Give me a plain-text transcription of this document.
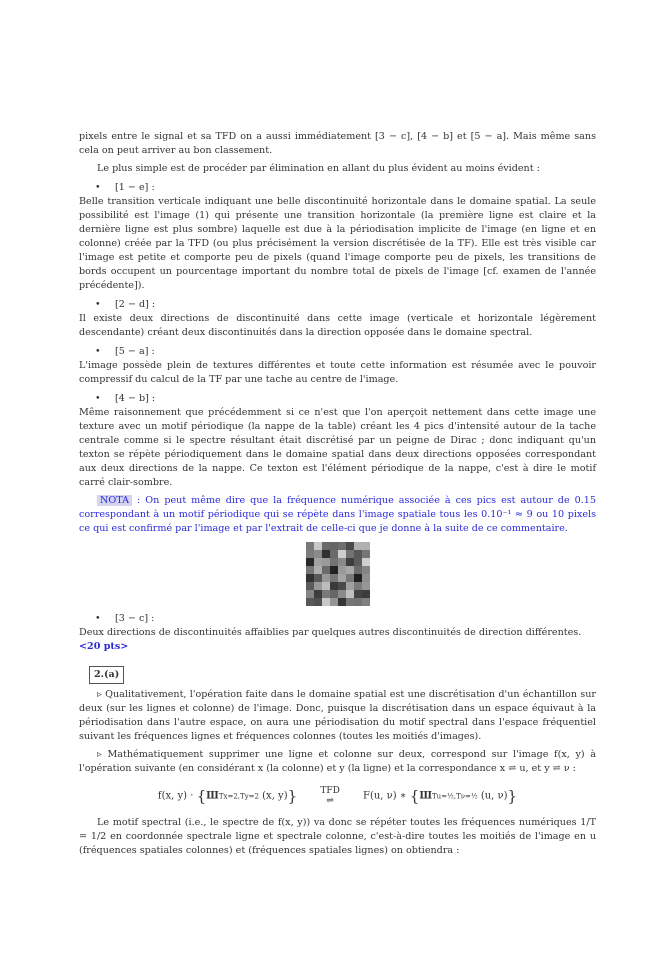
pixels entre le signal et sa TFD on a aussi immédiatement [3 − c], [4 − b] et [5 − a]. Mais même sans cela on peut arriver au bon classement.

Le plus simple est de procéder par élimination en allant du plus évident au moins évident :

• [1 − e] :

Belle transition verticale indiquant une belle discontinuité horizontale dans le domaine spatial. La seule possibilité est l'image (1) qui présente une transition horizontale (la première ligne est claire et la dernière ligne est plus sombre) laquelle est due à la périodisation implicite de l'image (en ligne et en colonne) créée par la TFD (ou plus précisément la version discrétisée de la TF). Elle est très visible car l'image est petite et comporte peu de pixels (quand l'image comporte peu de pixels, les transitions de bords occupent un pourcentage important du nombre total de pixels de l'image [cf. examen de l'année précédente]).

• [2 − d] :

Il existe deux directions de discontinuité dans cette image (verticale et horizontale légèrement descendante) créant deux discontinuités dans la direction opposée dans le domaine spectral.

• [5 − a] :

L'image possède plein de textures différentes et toute cette information est résumée avec le pouvoir compressif du calcul de la TF par une tache au centre de l'image.

• [4 − b] :

Même raisonnement que précédemment si ce n'est que l'on aperçoit nettement dans cette image une texture avec un motif périodique (la nappe de la table) créant les 4 pics d'intensité autour de la tache centrale comme si le spectre résultant était discrétisé par un peigne de Dirac ; donc indiquant qu'un texton se répète périodiquement dans le domaine spatial dans deux directions opposées correspondant aux deux directions de la nappe. Ce texton est l'élément périodique de la nappe, c'est à dire le motif carré clair-sombre.

NOTA : On peut même dire que la fréquence numérique associée à ces pics est autour de 0.15 correspondant à un motif périodique qui se répète dans l'image spatiale tous les 0.10⁻¹ ≈ 9 ou 10 pixels ce qui est confirmé par l'image et par l'extrait de celle-ci que je donne à la suite de ce commentaire.

• [3 − c] :

Deux directions de discontinuités affaiblies par quelques autres discontinuités de direction différentes.

<20 pts>

2.(a)

▹ Qualitativement, l'opération faite dans le domaine spatial est une discrétisation d'un échantillon sur deux (sur les lignes et colonne) de l'image. Donc, puisque la discrétisation dans un espace équivaut à la périodisation dans l'autre espace, on aura une périodisation du motif spectral dans l'espace fréquentiel suivant les fréquences lignes et fréquences colonnes (toutes les moitiés d'images).

▹ Mathématiquement supprimer une ligne et colonne sur deux, correspond sur l'image f(x, y) à l'opération suivante (en considérant x (la colonne) et y (la ligne) et la correspondance x ⇌ u, et y ⇌ ν :

f(x, y) · {ШTx=2,Ty=2 (x, y)}	TFD
⇌	F(u, ν) ∗ {ШTu=½,Tν=½ (u, ν)}

Le motif spectral (i.e., le spectre de f(x, y)) va donc se répéter toutes les fréquences numériques 1/T = 1/2 en coordonnée spectrale ligne et spectrale colonne, c'est-à-dire toutes les moitiés de l'image en u (fréquences spatiales colonnes) et (fréquences spatiales lignes) on obtiendra :
